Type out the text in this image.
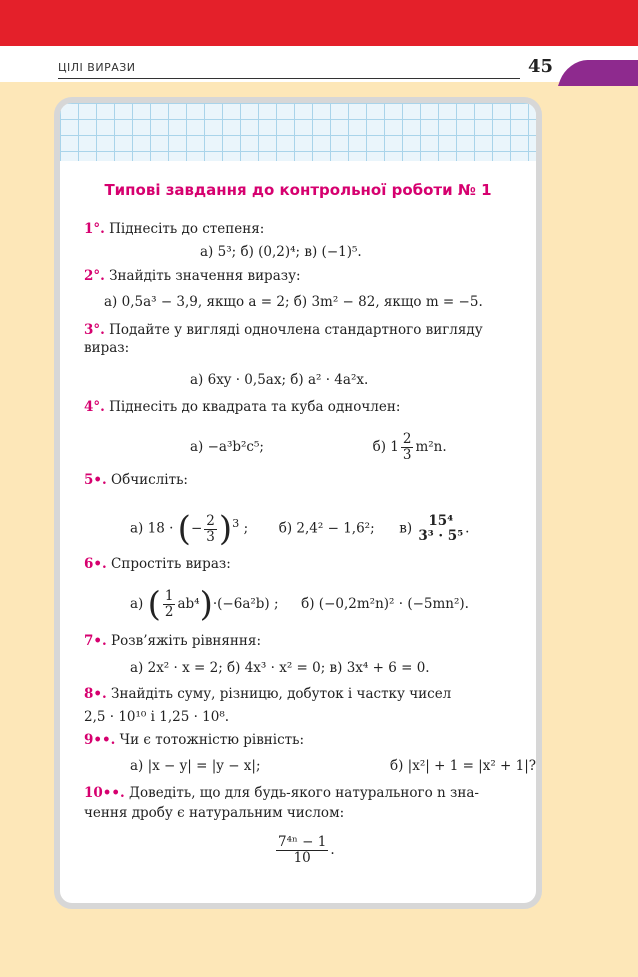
ЦІЛІ ВИРАЗИ	45
Типові завдання до контрольної роботи № 1
1°. Піднесіть до степеня:
а) 5³; б) (0,2)⁴; в) (−1)⁵.
2°. Знайдіть значення виразу:
а) 0,5a³ − 3,9, якщо a = 2; б) 3m² − 82, якщо m = −5.
3°. Подайте у вигляді одночлена стандартного вигляду
вираз:
а) 6xy · 0,5ax; б) a² · 4a²x.
4°. Піднесіть до квадрата та куба одночлен:
а) −a³b²c⁵;	б) $1 \frac{2}{3} m^2n$.
5•. Обчисліть:
а) 18 · (− $\frac{2}{3} )^3$ ; б) 2,4² − 1,6²; в)	15⁴
3³ · 5⁵ .
6•. Спростіть вираз:
а) ( $\frac{1}{2} ab^4)\cdot(-6a^2b)$ ; б) (−0,2m²n)² · (−5mn²).
7•. Розв’яжіть рівняння:
а) 2x² · x = 2; б) 4x³ · x² = 0; в) 3x⁴ + 6 = 0.
8•. Знайдіть суму, різницю, добуток і частку чисел
2,5 · 10¹⁰ і 1,25 · 10⁸.
9••. Чи є тотожністю рівність:
а) |x − y| = |y − x|;	б) |x²| + 1 = |x² + 1|?
10••. Доведіть, що для будь-якого натурального n зна-
чення дробу є натуральним числом:
$\frac{\text{7⁴ⁿ − 1}}{10}$ .
